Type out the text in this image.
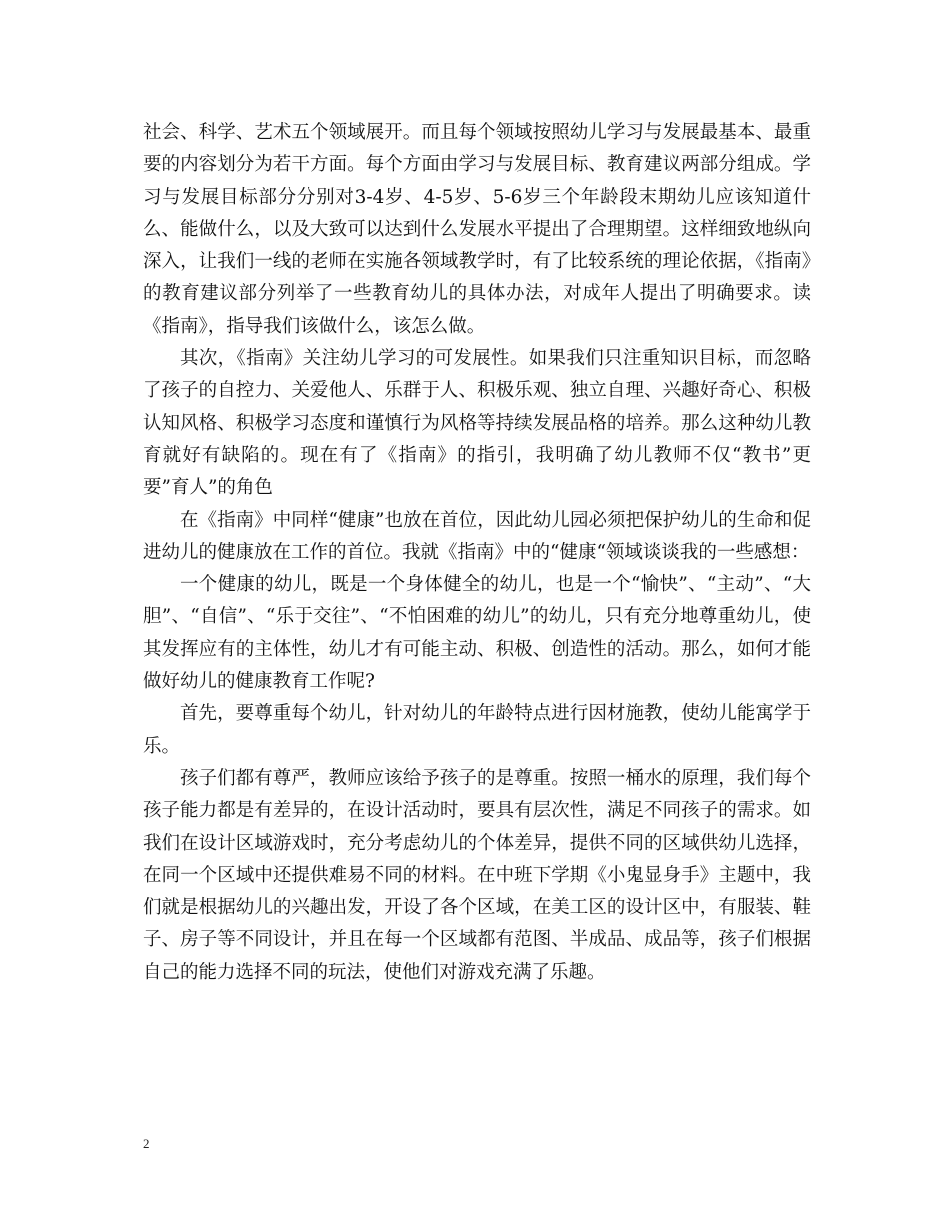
社会、科学、艺术五个领域展开。而且每个领域按照幼儿学习与发展最基本、最重要的内容划分为若干方面。每个方面由学习与发展目标、教育建议两部分组成。学习与发展目标部分分别对3-4岁、4-5岁、5-6岁三个年龄段末期幼儿应该知道什么、能做什么，以及大致可以达到什么发展水平提出了合理期望。这样细致地纵向深入，让我们一线的老师在实施各领域教学时，有了比较系统的理论依据，《指南》的教育建议部分列举了一些教育幼儿的具体办法，对成年人提出了明确要求。读《指南》，指导我们该做什么，该怎么做。

其次，《指南》关注幼儿学习的可发展性。如果我们只注重知识目标，而忽略了孩子的自控力、关爱他人、乐群于人、积极乐观、独立自理、兴趣好奇心、积极认知风格、积极学习态度和谨慎行为风格等持续发展品格的培养。那么这种幼儿教育就好有缺陷的。现在有了《指南》的指引，我明确了幼儿教师不仅“教书”更要”育人”的角色

在《指南》中同样“健康”也放在首位，因此幼儿园必须把保护幼儿的生命和促进幼儿的健康放在工作的首位。我就《指南》中的“健康“领域谈谈我的一些感想：

一个健康的幼儿，既是一个身体健全的幼儿，也是一个“愉快”、“主动”、“大胆”、“自信”、“乐于交往”、“不怕困难的幼儿”的幼儿，只有充分地尊重幼儿，使其发挥应有的主体性，幼儿才有可能主动、积极、创造性的活动。那么，如何才能做好幼儿的健康教育工作呢?

首先，要尊重每个幼儿，针对幼儿的年龄特点进行因材施教，使幼儿能寓学于乐。

孩子们都有尊严，教师应该给予孩子的是尊重。按照一桶水的原理，我们每个孩子能力都是有差异的，在设计活动时，要具有层次性，满足不同孩子的需求。如我们在设计区域游戏时，充分考虑幼儿的个体差异，提供不同的区域供幼儿选择，在同一个区域中还提供难易不同的材料。在中班下学期《小鬼显身手》主题中，我们就是根据幼儿的兴趣出发，开设了各个区域，在美工区的设计区中，有服装、鞋子、房子等不同设计，并且在每一个区域都有范图、半成品、成品等，孩子们根据自己的能力选择不同的玩法，使他们对游戏充满了乐趣。

2
